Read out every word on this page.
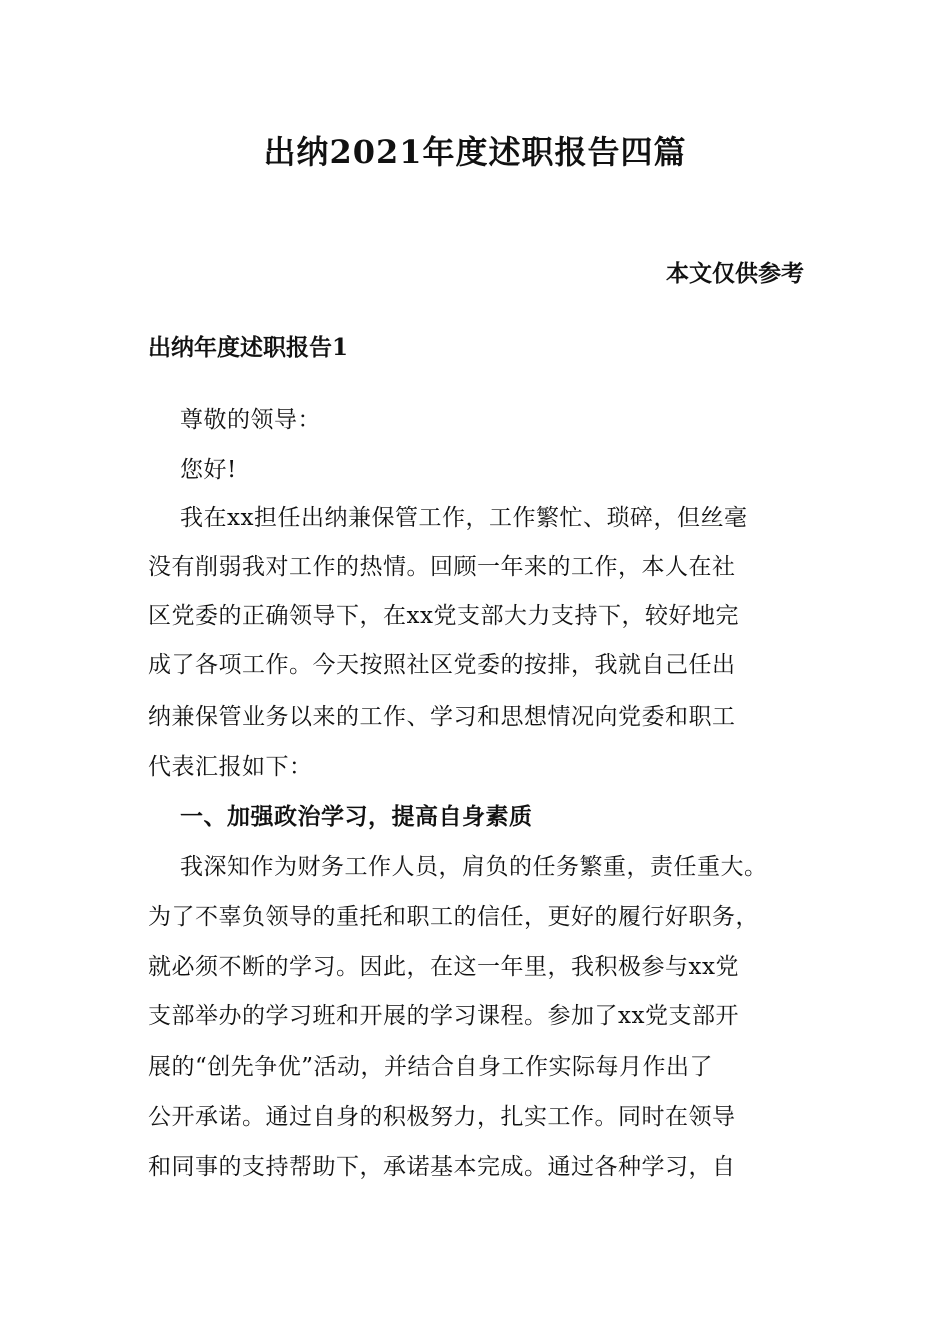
出纳2021年度述职报告四篇
本文仅供参考
出纳年度述职报告1
尊敬的领导：
您好!
我在xx担任出纳兼保管工作，工作繁忙、琐碎，但丝毫
没有削弱我对工作的热情。回顾一年来的工作，本人在社
区党委的正确领导下，在xx党支部大力支持下，较好地完
成了各项工作。今天按照社区党委的按排，我就自己任出
纳兼保管业务以来的工作、学习和思想情况向党委和职工
代表汇报如下：
一、加强政治学习，提高自身素质
我深知作为财务工作人员，肩负的任务繁重，责任重大。
为了不辜负领导的重托和职工的信任，更好的履行好职务，
就必须不断的学习。因此，在这一年里，我积极参与xx党
支部举办的学习班和开展的学习课程。参加了xx党支部开
展的“创先争优”活动，并结合自身工作实际每月作出了
公开承诺。通过自身的积极努力，扎实工作。同时在领导
和同事的支持帮助下，承诺基本完成。通过各种学习，自
